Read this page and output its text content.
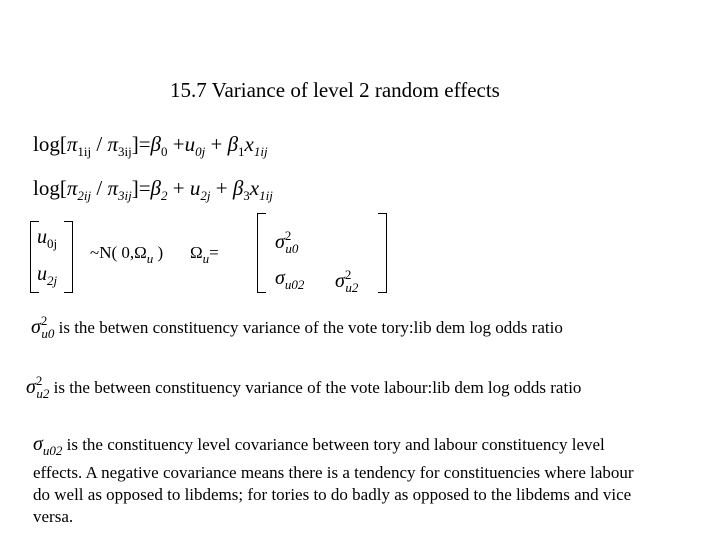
15.7 Variance of level 2 random effects
$\log[\pi_{1ij} / \pi_{3ij}]=\beta_0 +u_{0j} + \beta_1x_{1ij}$
$\log[\pi_{2ij} / \pi_{3ij}]=\beta_2 + u_{2j} + \beta_3x_{1ij}$
$u_{0j}$
$u_{2j}$
~N( $0,\Omega_u$ ) $\Omega_u=$	$\sigma^2_{u0}$
$\sigma_{u02}$ $\sigma^2_{u2}$
$\sigma^2_{u0}$ is the betwen constituency variance of the vote tory:lib dem log odds ratio
$\sigma^2_{u2}$ is the between constituency variance of the vote labour:lib dem log odds ratio
$\sigma_{u02}$ is the constituency level covariance between tory and labour constituency level effects. A negative covariance means there is a tendency for constituencies where labour do well as opposed to libdems; for tories to do badly as opposed to the libdems and vice versa.
